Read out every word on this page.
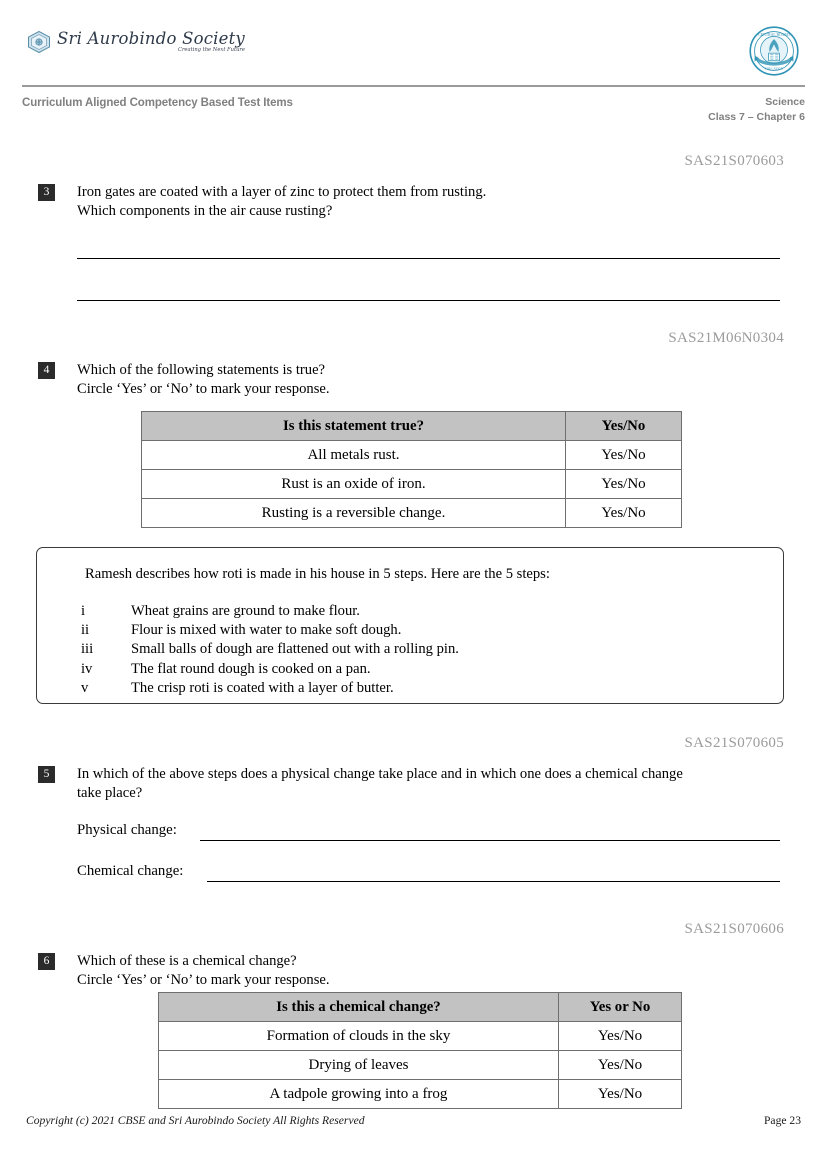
Sri Aurobindo Society
Creating the Next Future
CENTRAL BOARD
EDUCATION
Curriculum Aligned Competency Based Test Items	Science
Class 7 – Chapter 6
SAS21S070603
3	Iron gates are coated with a layer of zinc to protect them from rusting.
Which components in the air cause rusting?
SAS21M06N0304
4	Which of the following statements is true?
Circle ‘Yes’ or ‘No’ to mark your response.
Is this statement true?	Yes/No
All metals rust.	Yes/No
Rust is an oxide of iron.	Yes/No
Rusting is a reversible change.	Yes/No
Ramesh describes how roti is made in his house in 5 steps. Here are the 5 steps:
i	Wheat grains are ground to make flour.
ii	Flour is mixed with water to make soft dough.
iii	Small balls of dough are flattened out with a rolling pin.
iv	The flat round dough is cooked on a pan.
v	The crisp roti is coated with a layer of butter.
SAS21S070605
5	In which of the above steps does a physical change take place and in which one does a chemical change
take place?
Physical change:
Chemical change:
SAS21S070606
6	Which of these is a chemical change?
Circle ‘Yes’ or ‘No’ to mark your response.
Is this a chemical change?	Yes or No
Formation of clouds in the sky	Yes/No
Drying of leaves	Yes/No
A tadpole growing into a frog	Yes/No
Copyright (c) 2021 CBSE and Sri Aurobindo Society All Rights Reserved	Page 23
